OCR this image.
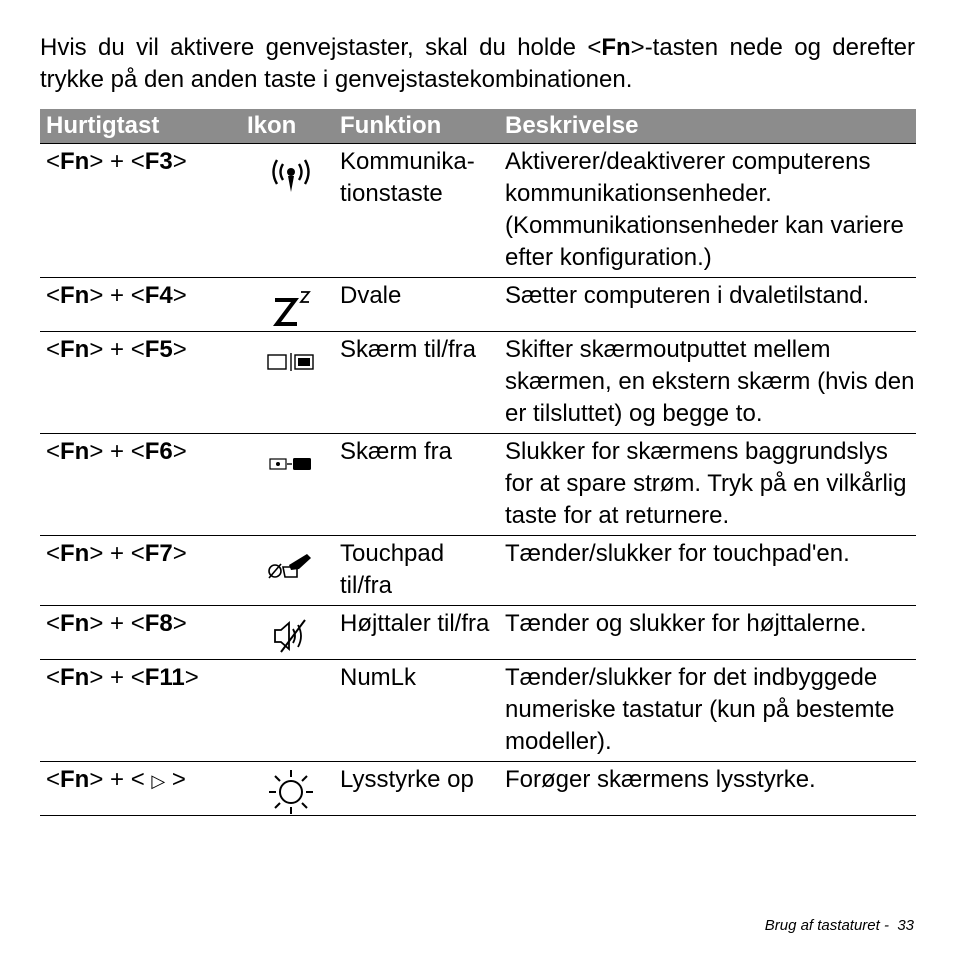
Hvis du vil aktivere genvejstaster, skal du holde <Fn>-tasten nede og derefter trykke på den anden taste i genvejstastekombinationen.

Hurtigtast	Ikon	Funktion	Beskrivelse
<Fn> + <F3>		Kommunika-tionstaste	Aktiverer/deaktiverer computerens kommunikationsenheder. (Kommunikationsenheder kan variere efter konfiguration.)
<Fn> + <F4>		Dvale	Sætter computeren i dvaletilstand.
<Fn> + <F5>		Skærm til/fra	Skifter skærmoutputtet mellem skærmen, en ekstern skærm (hvis den er tilsluttet) og begge to.
<Fn> + <F6>		Skærm fra	Slukker for skærmens baggrundslys for at spare strøm. Tryk på en vilkårlig taste for at returnere.
<Fn> + <F7>		Touchpad til/fra	Tænder/slukker for touchpad'en.
<Fn> + <F8>		Højttaler til/fra	Tænder og slukker for højttalerne.
<Fn> + <F11>		NumLk	Tænder/slukker for det indbyggede numeriske tastatur (kun på bestemte modeller).
<Fn> + < ▷ >		Lysstyrke op	Forøger skærmens lysstyrke.
Brug af tastaturet - 33
